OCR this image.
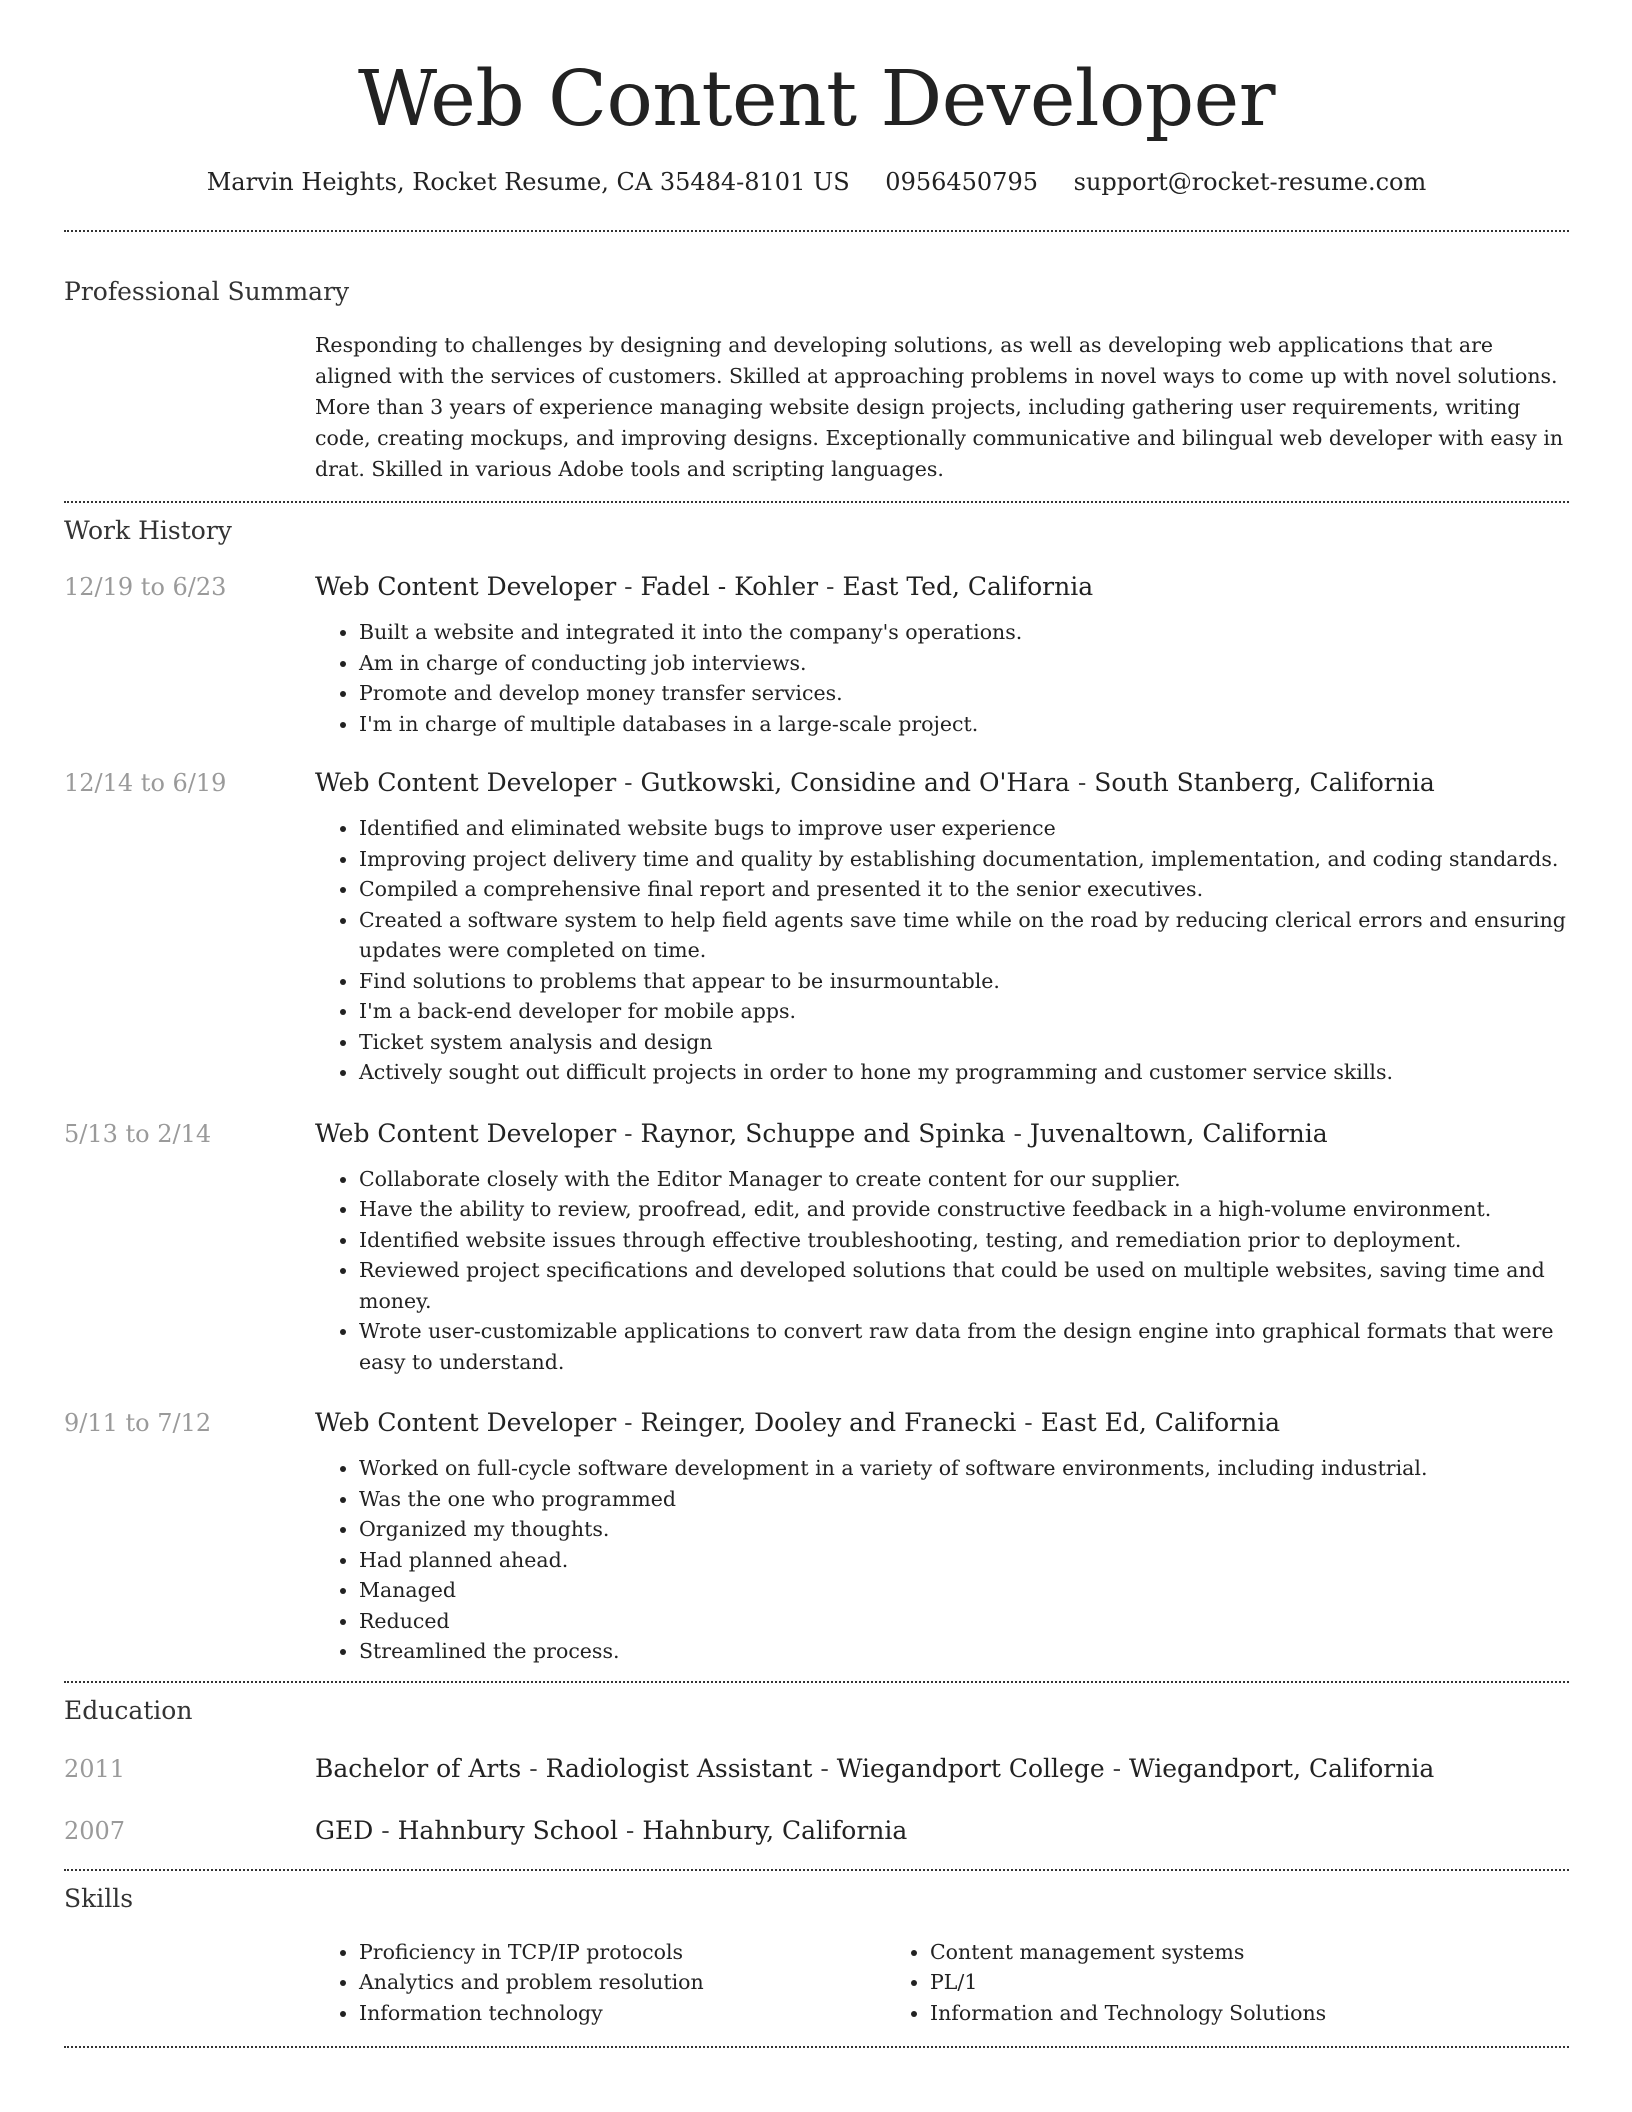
Web Content Developer
Marvin Heights, Rocket Resume, CA 35484-8101 US 0956450795 support@rocket-resume.com
Professional Summary
Responding to challenges by designing and developing solutions, as well as developing web applications that are aligned with the services of customers. Skilled at approaching problems in novel ways to come up with novel solutions. More than 3 years of experience managing website design projects, including gathering user requirements, writing code, creating mockups, and improving designs. Exceptionally communicative and bilingual web developer with easy in drat. Skilled in various Adobe tools and scripting languages.
Work History
12/19 to 6/23	Web Content Developer - Fadel - Kohler - East Ted, California
• Built a website and integrated it into the company's operations.
• Am in charge of conducting job interviews.
• Promote and develop money transfer services.
• I'm in charge of multiple databases in a large-scale project.
12/14 to 6/19	Web Content Developer - Gutkowski, Considine and O'Hara - South Stanberg, California
• Identified and eliminated website bugs to improve user experience
• Improving project delivery time and quality by establishing documentation, implementation, and coding standards.
• Compiled a comprehensive final report and presented it to the senior executives.
• Created a software system to help field agents save time while on the road by reducing clerical errors and ensuring updates were completed on time.
• Find solutions to problems that appear to be insurmountable.
• I'm a back-end developer for mobile apps.
• Ticket system analysis and design
• Actively sought out difficult projects in order to hone my programming and customer service skills.
5/13 to 2/14	Web Content Developer - Raynor, Schuppe and Spinka - Juvenaltown, California
• Collaborate closely with the Editor Manager to create content for our supplier.
• Have the ability to review, proofread, edit, and provide constructive feedback in a high-volume environment.
• Identified website issues through effective troubleshooting, testing, and remediation prior to deployment.
• Reviewed project specifications and developed solutions that could be used on multiple websites, saving time and money.
• Wrote user-customizable applications to convert raw data from the design engine into graphical formats that were easy to understand.
9/11 to 7/12	Web Content Developer - Reinger, Dooley and Franecki - East Ed, California
• Worked on full-cycle software development in a variety of software environments, including industrial.
• Was the one who programmed
• Organized my thoughts.
• Had planned ahead.
• Managed
• Reduced
• Streamlined the process.
Education
2011	Bachelor of Arts - Radiologist Assistant - Wiegandport College - Wiegandport, California
2007	GED - Hahnbury School - Hahnbury, California
Skills
• Proficiency in TCP/IP protocols
• Analytics and problem resolution
• Information technology
• Content management systems
• PL/1
• Information and Technology Solutions
